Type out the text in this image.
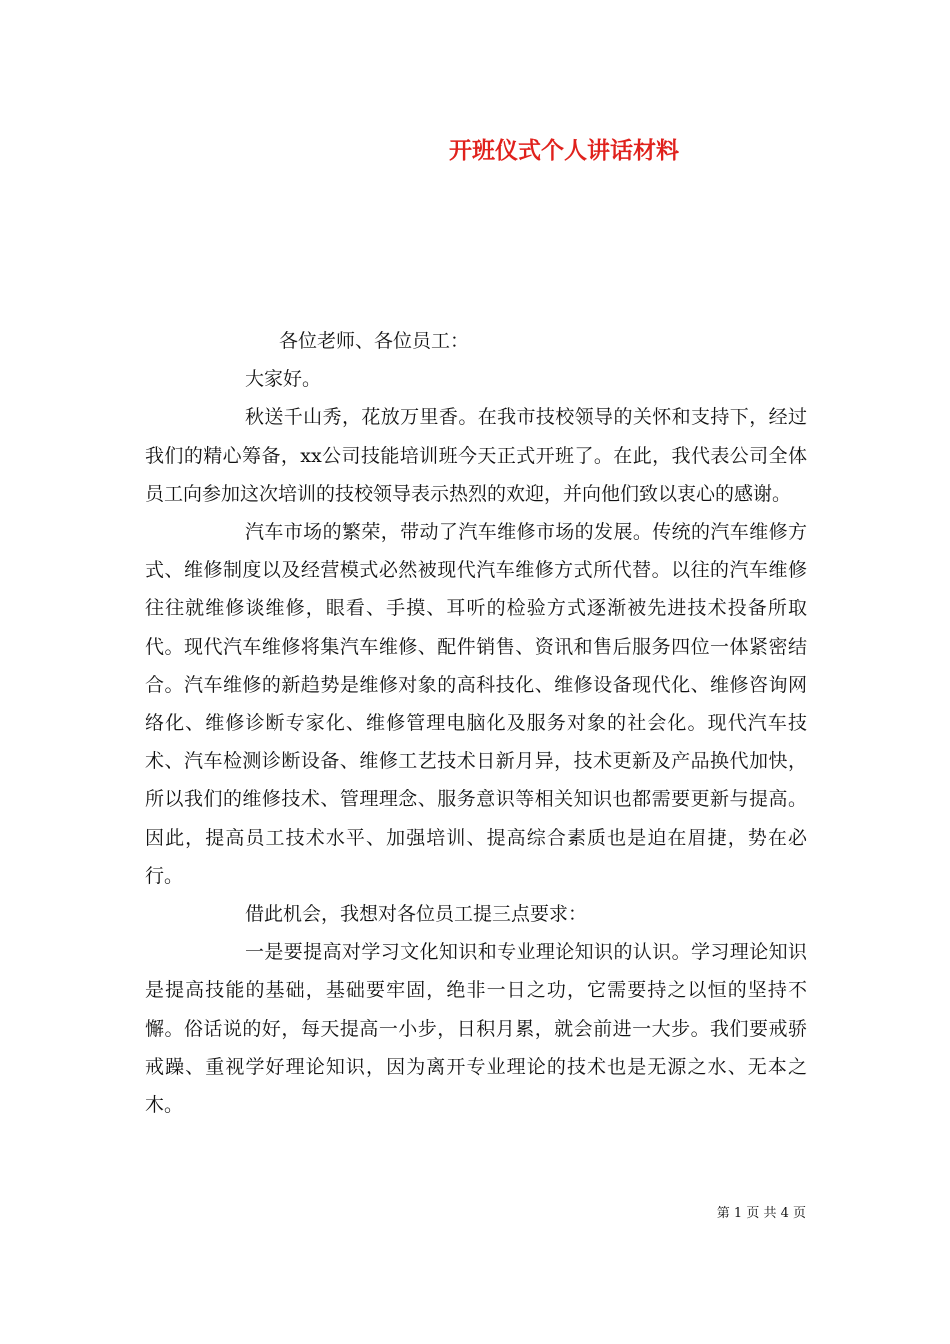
开班仪式个人讲话材料

各位老师、各位员工：

大家好。

秋送千山秀，花放万里香。在我市技校领导的关怀和支持下，经过我们的精心筹备，xx公司技能培训班今天正式开班了。在此，我代表公司全体员工向参加这次培训的技校领导表示热烈的欢迎，并向他们致以衷心的感谢。

汽车市场的繁荣，带动了汽车维修市场的发展。传统的汽车维修方式、维修制度以及经营模式必然被现代汽车维修方式所代替。以往的汽车维修往往就维修谈维修，眼看、手摸、耳听的检验方式逐渐被先进技术投备所取代。现代汽车维修将集汽车维修、配件销售、资讯和售后服务四位一体紧密结合。汽车维修的新趋势是维修对象的高科技化、维修设备现代化、维修咨询网络化、维修诊断专家化、维修管理电脑化及服务对象的社会化。现代汽车技术、汽车检测诊断设备、维修工艺技术日新月异，技术更新及产品换代加快，所以我们的维修技术、管理理念、服务意识等相关知识也都需要更新与提高。因此，提高员工技术水平、加强培训、提高综合素质也是迫在眉捷，势在必行。

借此机会，我想对各位员工提三点要求：

一是要提高对学习文化知识和专业理论知识的认识。学习理论知识是提高技能的基础，基础要牢固，绝非一日之功，它需要持之以恒的坚持不懈。俗话说的好，每天提高一小步，日积月累，就会前进一大步。我们要戒骄戒躁、重视学好理论知识，因为离开专业理论的技术也是无源之水、无本之木。

第 1 页 共 4 页
